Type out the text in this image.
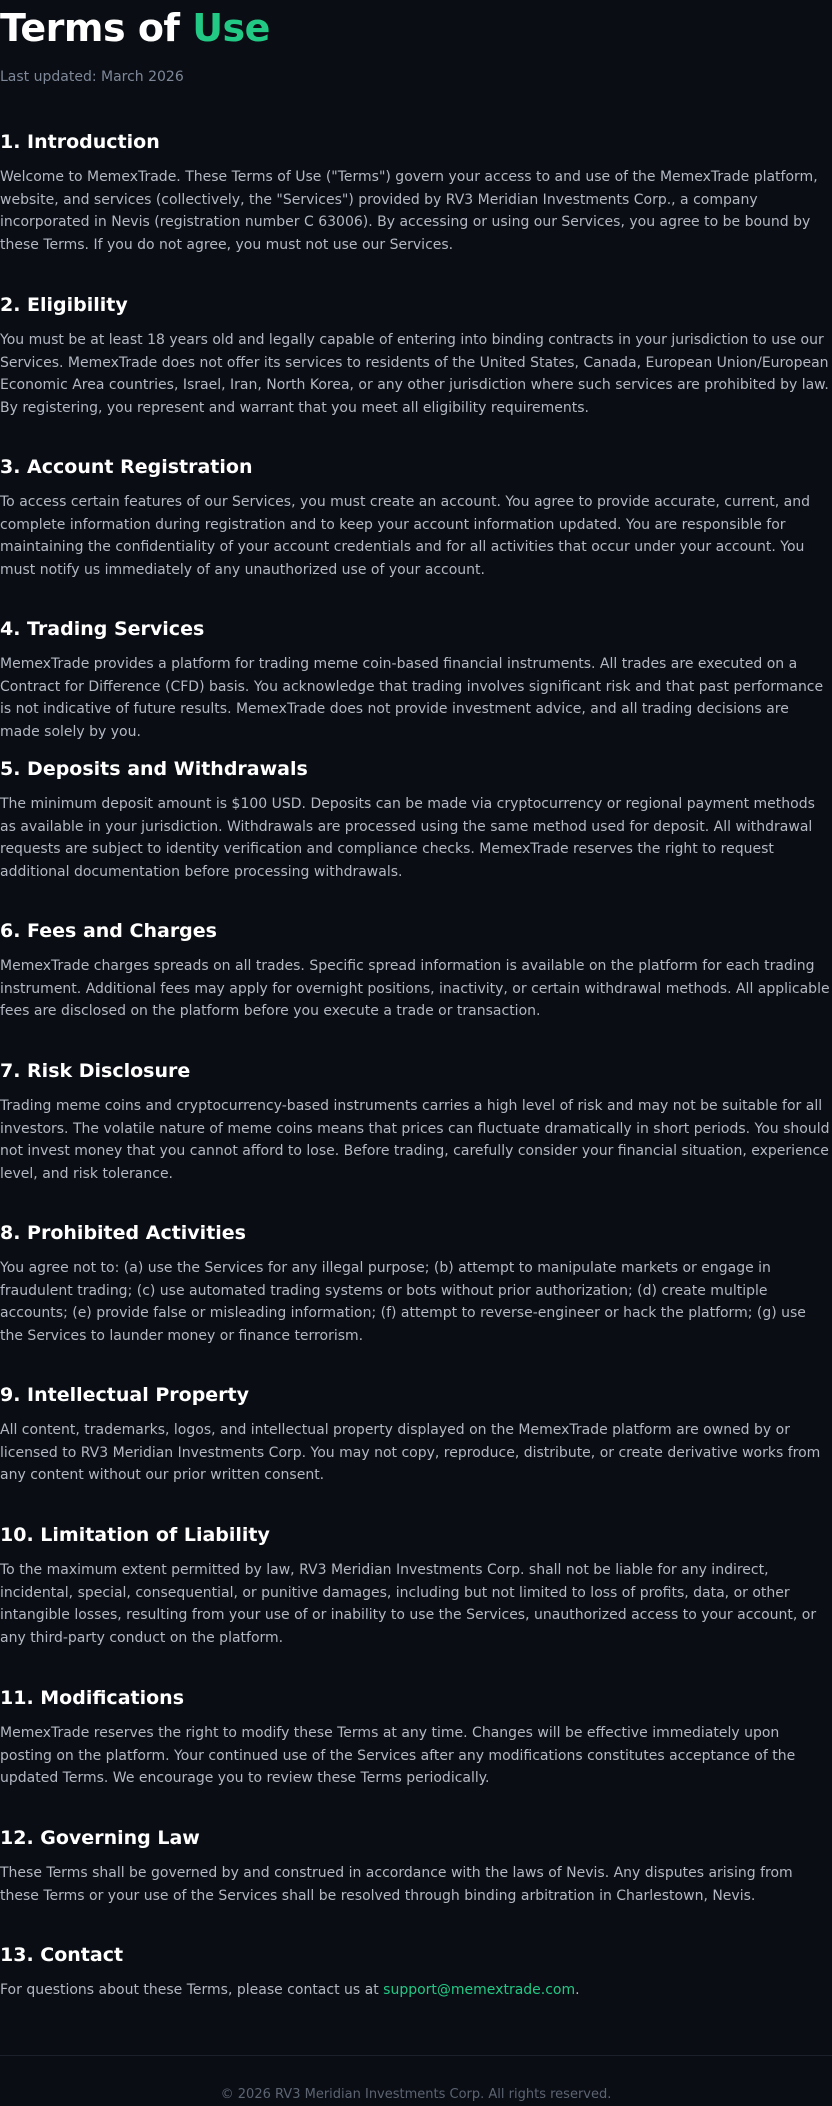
Terms of Use
Last updated: March 2026
1. Introduction

Welcome to MemexTrade. These Terms of Use ("Terms") govern your access to and use of the MemexTrade platform, website, and services (collectively, the "Services") provided by RV3 Meridian Investments Corp., a company incorporated in Nevis (registration number C 63006). By accessing or using our Services, you agree to be bound by these Terms. If you do not agree, you must not use our Services.

2. Eligibility

You must be at least 18 years old and legally capable of entering into binding contracts in your jurisdiction to use our Services. MemexTrade does not offer its services to residents of the United States, Canada, European Union/European Economic Area countries, Israel, Iran, North Korea, or any other jurisdiction where such services are prohibited by law. By registering, you represent and warrant that you meet all eligibility requirements.

3. Account Registration

To access certain features of our Services, you must create an account. You agree to provide accurate, current, and complete information during registration and to keep your account information updated. You are responsible for maintaining the confidentiality of your account credentials and for all activities that occur under your account. You must notify us immediately of any unauthorized use of your account.

4. Trading Services

MemexTrade provides a platform for trading meme coin-based financial instruments. All trades are executed on a Contract for Difference (CFD) basis. You acknowledge that trading involves significant risk and that past performance is not indicative of future results. MemexTrade does not provide investment advice, and all trading decisions are made solely by you.

5. Deposits and Withdrawals

The minimum deposit amount is $100 USD. Deposits can be made via cryptocurrency or regional payment methods as available in your jurisdiction. Withdrawals are processed using the same method used for deposit. All withdrawal requests are subject to identity verification and compliance checks. MemexTrade reserves the right to request additional documentation before processing withdrawals.

6. Fees and Charges

MemexTrade charges spreads on all trades. Specific spread information is available on the platform for each trading instrument. Additional fees may apply for overnight positions, inactivity, or certain withdrawal methods. All applicable fees are disclosed on the platform before you execute a trade or transaction.

7. Risk Disclosure

Trading meme coins and cryptocurrency-based instruments carries a high level of risk and may not be suitable for all investors. The volatile nature of meme coins means that prices can fluctuate dramatically in short periods. You should not invest money that you cannot afford to lose. Before trading, carefully consider your financial situation, experience level, and risk tolerance.

8. Prohibited Activities

You agree not to: (a) use the Services for any illegal purpose; (b) attempt to manipulate markets or engage in fraudulent trading; (c) use automated trading systems or bots without prior authorization; (d) create multiple accounts; (e) provide false or misleading information; (f) attempt to reverse-engineer or hack the platform; (g) use the Services to launder money or finance terrorism.

9. Intellectual Property

All content, trademarks, logos, and intellectual property displayed on the MemexTrade platform are owned by or licensed to RV3 Meridian Investments Corp. You may not copy, reproduce, distribute, or create derivative works from any content without our prior written consent.

10. Limitation of Liability

To the maximum extent permitted by law, RV3 Meridian Investments Corp. shall not be liable for any indirect, incidental, special, consequential, or punitive damages, including but not limited to loss of profits, data, or other intangible losses, resulting from your use of or inability to use the Services, unauthorized access to your account, or any third-party conduct on the platform.

11. Modifications

MemexTrade reserves the right to modify these Terms at any time. Changes will be effective immediately upon posting on the platform. Your continued use of the Services after any modifications constitutes acceptance of the updated Terms. We encourage you to review these Terms periodically.

12. Governing Law

These Terms shall be governed by and construed in accordance with the laws of Nevis. Any disputes arising from these Terms or your use of the Services shall be resolved through binding arbitration in Charlestown, Nevis.

13. Contact

For questions about these Terms, please contact us at support@memextrade.com.

© 2026 RV3 Meridian Investments Corp. All rights reserved.
